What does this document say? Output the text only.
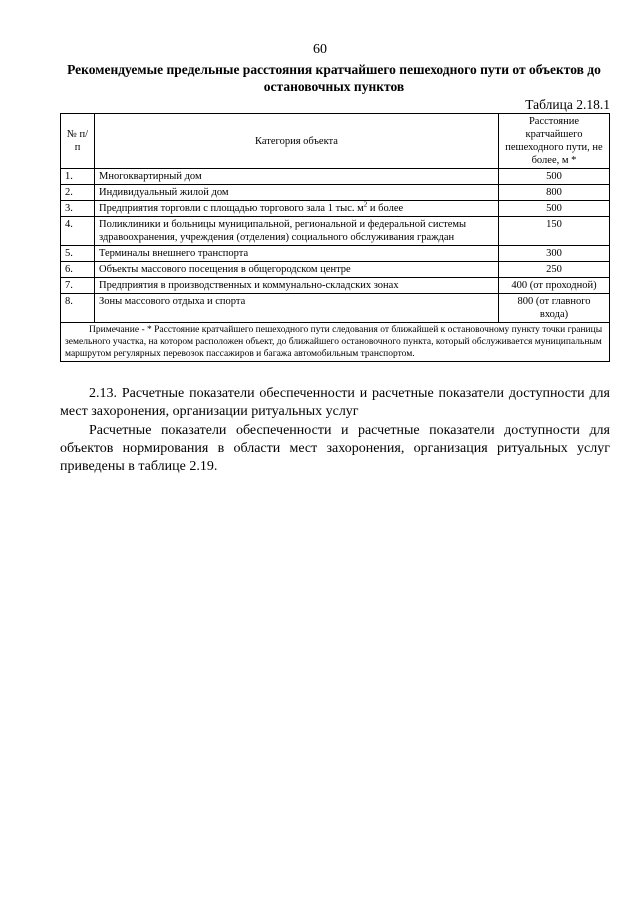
60
Рекомендуемые предельные расстояния кратчайшего пешеходного пути от объектов до остановочных пунктов
Таблица 2.18.1
№ п/п	Категория объекта	Расстояние кратчайшего пешеходного пути, не более, м *
1.	Многоквартирный дом	500
2.	Индивидуальный жилой дом	800
3.	Предприятия торговли с площадью торгового зала 1 тыс. $м^2$ и более	500
4.	Поликлиники и больницы муниципальной, региональной и федеральной системы здравоохранения, учреждения (отделения) социального обслуживания граждан	150
5.	Терминалы внешнего транспорта	300
6.	Объекты массового посещения в общегородском центре	250
7.	Предприятия в производственных и коммунально-складских зонах	400 (от проходной)
8.	Зоны массового отдыха и спорта	800 (от главного входа)
Примечание - * Расстояние кратчайшего пешеходного пути следования от ближайшей к остановочному пункту точки границы земельного участка, на котором расположен объект, до ближайшего остановочного пункта, который обслуживается муниципальным маршрутом регулярных перевозок пассажиров и багажа автомобильным транспортом.		

2.13. Расчетные показатели обеспеченности и расчетные показатели доступности для мест захоронения, организации ритуальных услуг

Расчетные показатели обеспеченности и расчетные показатели доступности для объектов нормирования в области мест захоронения, организация ритуальных услуг приведены в таблице 2.19.
